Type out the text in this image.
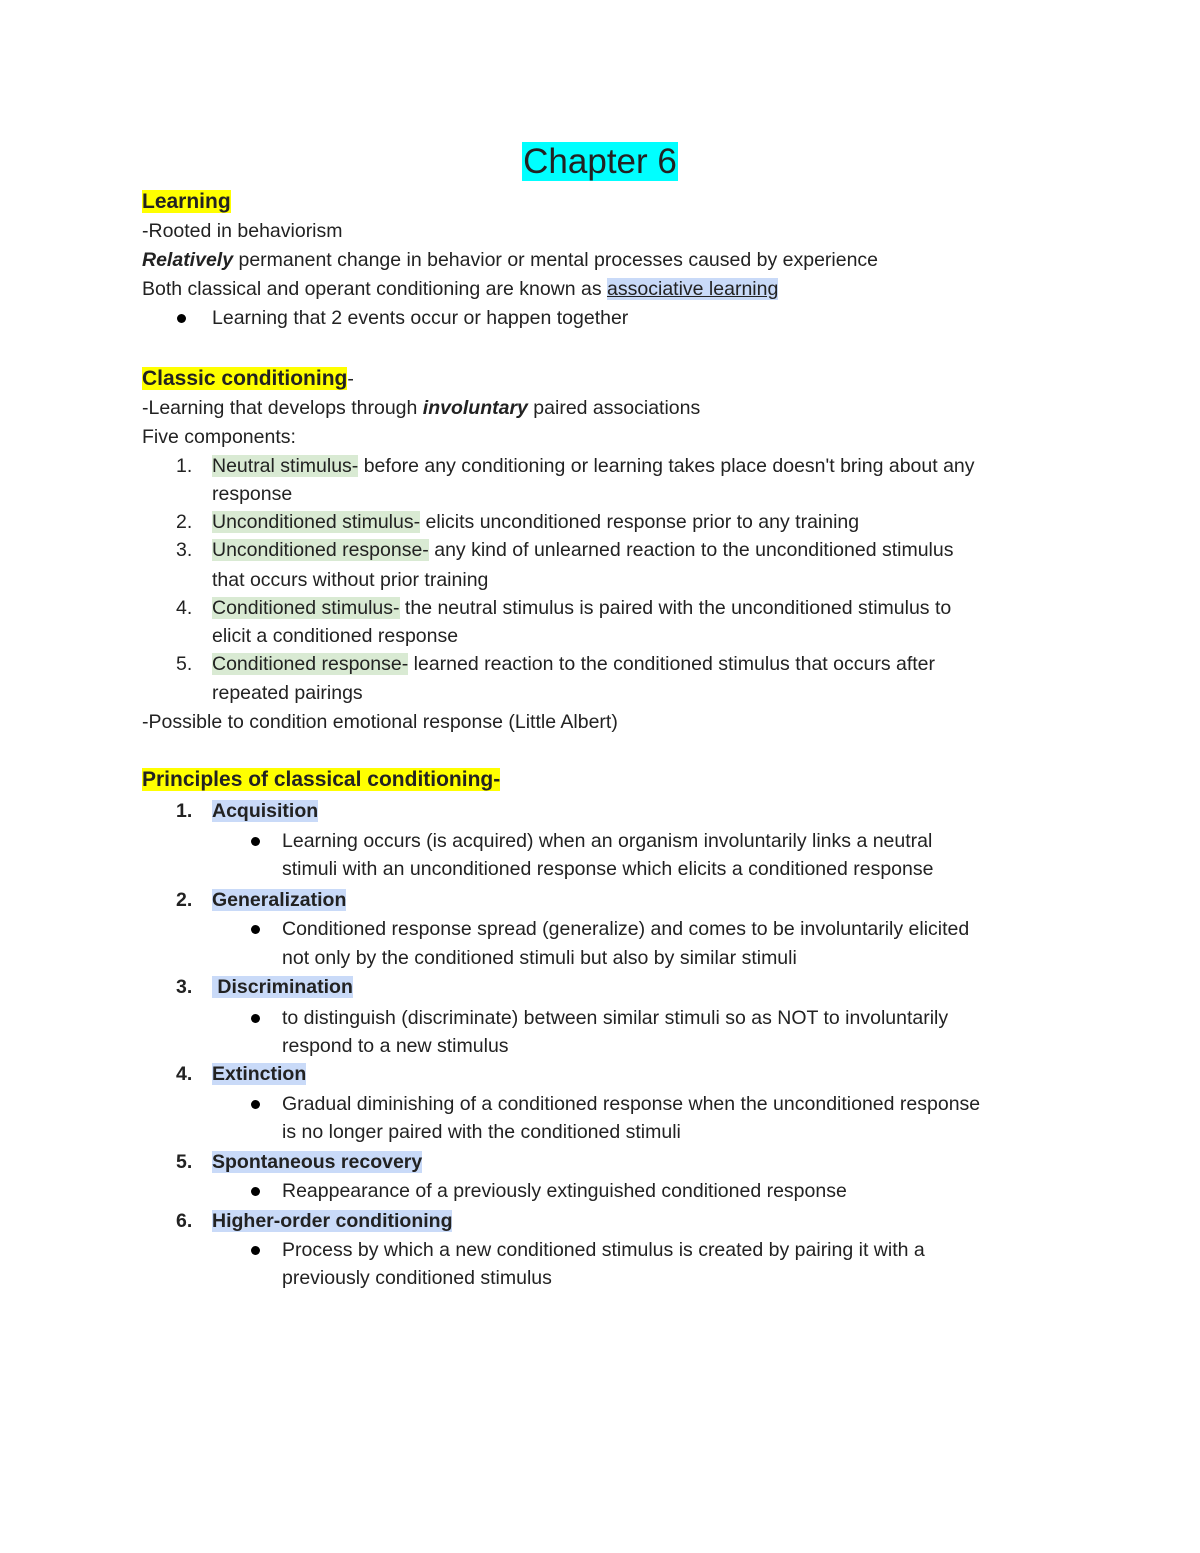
Chapter 6
Learning
-Rooted in behaviorism
Relatively permanent change in behavior or mental processes caused by experience
Both classical and operant conditioning are known as associative learning
Learning that 2 events occur or happen together
Classic conditioning-
-Learning that develops through involuntary paired associations
Five components:
1. Neutral stimulus- before any conditioning or learning takes place doesn't bring about any
response
2. Unconditioned stimulus- elicits unconditioned response prior to any training
3. Unconditioned response- any kind of unlearned reaction to the unconditioned stimulus
that occurs without prior training
4. Conditioned stimulus- the neutral stimulus is paired with the unconditioned stimulus to
elicit a conditioned response
5. Conditioned response- learned reaction to the conditioned stimulus that occurs after
repeated pairings
-Possible to condition emotional response (Little Albert)
Principles of classical conditioning-
1. Acquisition
Learning occurs (is acquired) when an organism involuntarily links a neutral
stimuli with an unconditioned response which elicits a conditioned response
2. Generalization
Conditioned response spread (generalize) and comes to be involuntarily elicited
not only by the conditioned stimuli but also by similar stimuli
3. Discrimination
to distinguish (discriminate) between similar stimuli so as NOT to involuntarily
respond to a new stimulus
4. Extinction
Gradual diminishing of a conditioned response when the unconditioned response
is no longer paired with the conditioned stimuli
5. Spontaneous recovery
Reappearance of a previously extinguished conditioned response
6. Higher-order conditioning
Process by which a new conditioned stimulus is created by pairing it with a
previously conditioned stimulus
